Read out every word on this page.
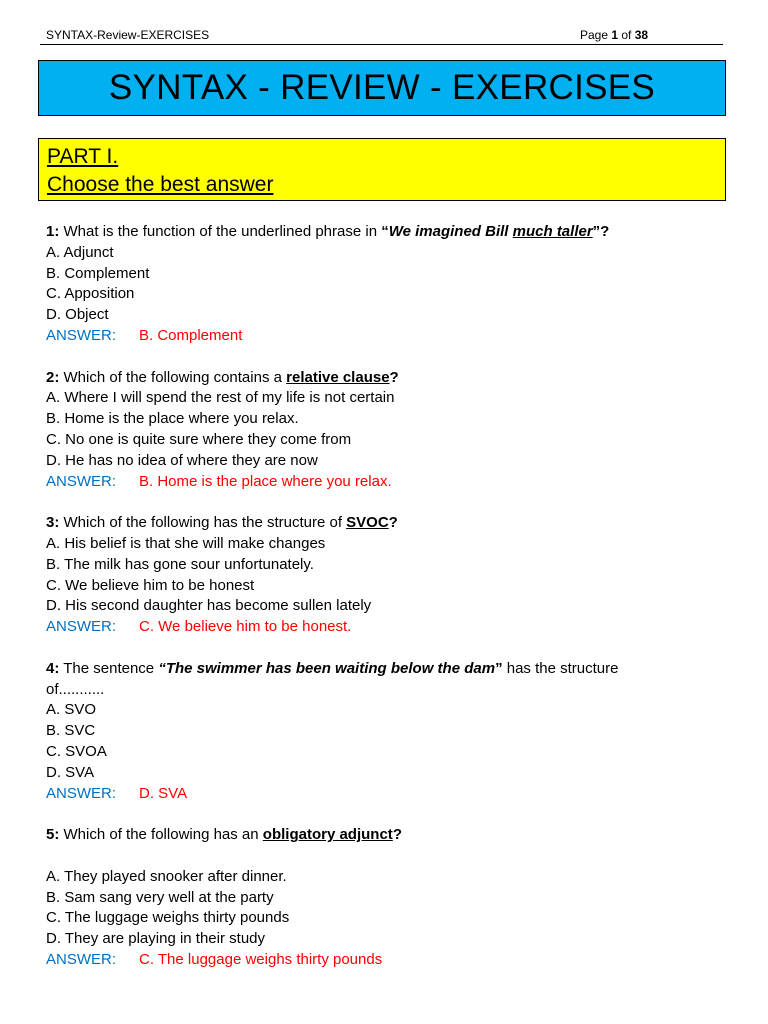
SYNTAX-Review-EXERCISES	Page 1 of 38
SYNTAX - REVIEW - EXERCISES
PART I.
Choose the best answer
1: What is the function of the underlined phrase in “We imagined Bill much taller”?
A. Adjunct
B. Complement
C. Apposition
D. Object
ANSWER: B. Complement
2: Which of the following contains a relative clause?
A. Where I will spend the rest of my life is not certain
B. Home is the place where you relax.
C. No one is quite sure where they come from
D. He has no idea of where they are now
ANSWER: B. Home is the place where you relax.
3: Which of the following has the structure of SVOC?
A. His belief is that she will make changes
B. The milk has gone sour unfortunately.
C. We believe him to be honest
D. His second daughter has become sullen lately
ANSWER: C. We believe him to be honest.
4: The sentence “The swimmer has been waiting below the dam” has the structure
of...........
A. SVO
B. SVC
C. SVOA
D. SVA
ANSWER: D. SVA
5: Which of the following has an obligatory adjunct?
A. They played snooker after dinner.
B. Sam sang very well at the party
C. The luggage weighs thirty pounds
D. They are playing in their study
ANSWER: C. The luggage weighs thirty pounds
